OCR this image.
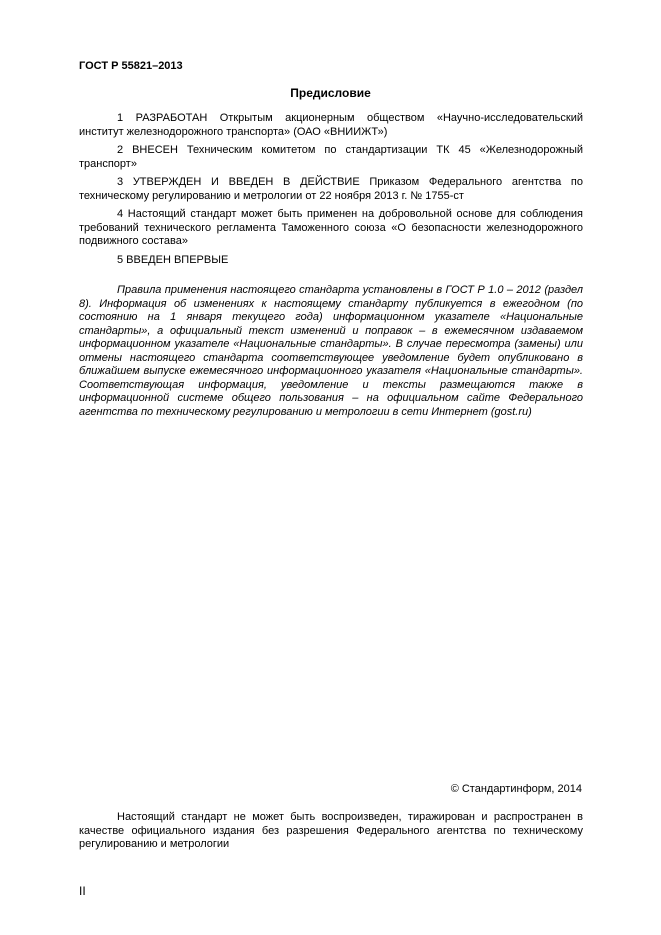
ГОСТ Р 55821–2013
Предисловие

1 РАЗРАБОТАН Открытым акционерным обществом «Научно-исследовательский институт железнодорожного транспорта» (ОАО «ВНИИЖТ»)

2 ВНЕСЕН Техническим комитетом по стандартизации ТК 45 «Железнодорожный транспорт»

3 УТВЕРЖДЕН И ВВЕДЕН В ДЕЙСТВИЕ Приказом Федерального агентства по техническому регулированию и метрологии от 22 ноября 2013 г. № 1755-ст

4 Настоящий стандарт может быть применен на добровольной основе для соблюдения требований технического регламента Таможенного союза «О безопасности железнодорожного подвижного состава»

5 ВВЕДЕН ВПЕРВЫЕ

Правила применения настоящего стандарта установлены в ГОСТ Р 1.0 – 2012 (раздел 8). Информация об изменениях к настоящему стандарту публикуется в ежегодном (по состоянию на 1 января текущего года) информационном указателе «Национальные стандарты», а официальный текст изменений и поправок – в ежемесячном издаваемом информационном указателе «Национальные стандарты». В случае пересмотра (замены) или отмены настоящего стандарта соответствующее уведомление будет опубликовано в ближайшем выпуске ежемесячного информационного указателя «Национальные стандарты». Соответствующая информация, уведомление и тексты размещаются также в информационной системе общего пользования – на официальном сайте Федерального агентства по техническому регулированию и метрологии в сети Интернет (gost.ru)

© Стандартинформ, 2014
Настоящий стандарт не может быть воспроизведен, тиражирован и распространен в качестве официального издания без разрешения Федерального агентства по техническому регулированию и метрологии
II
